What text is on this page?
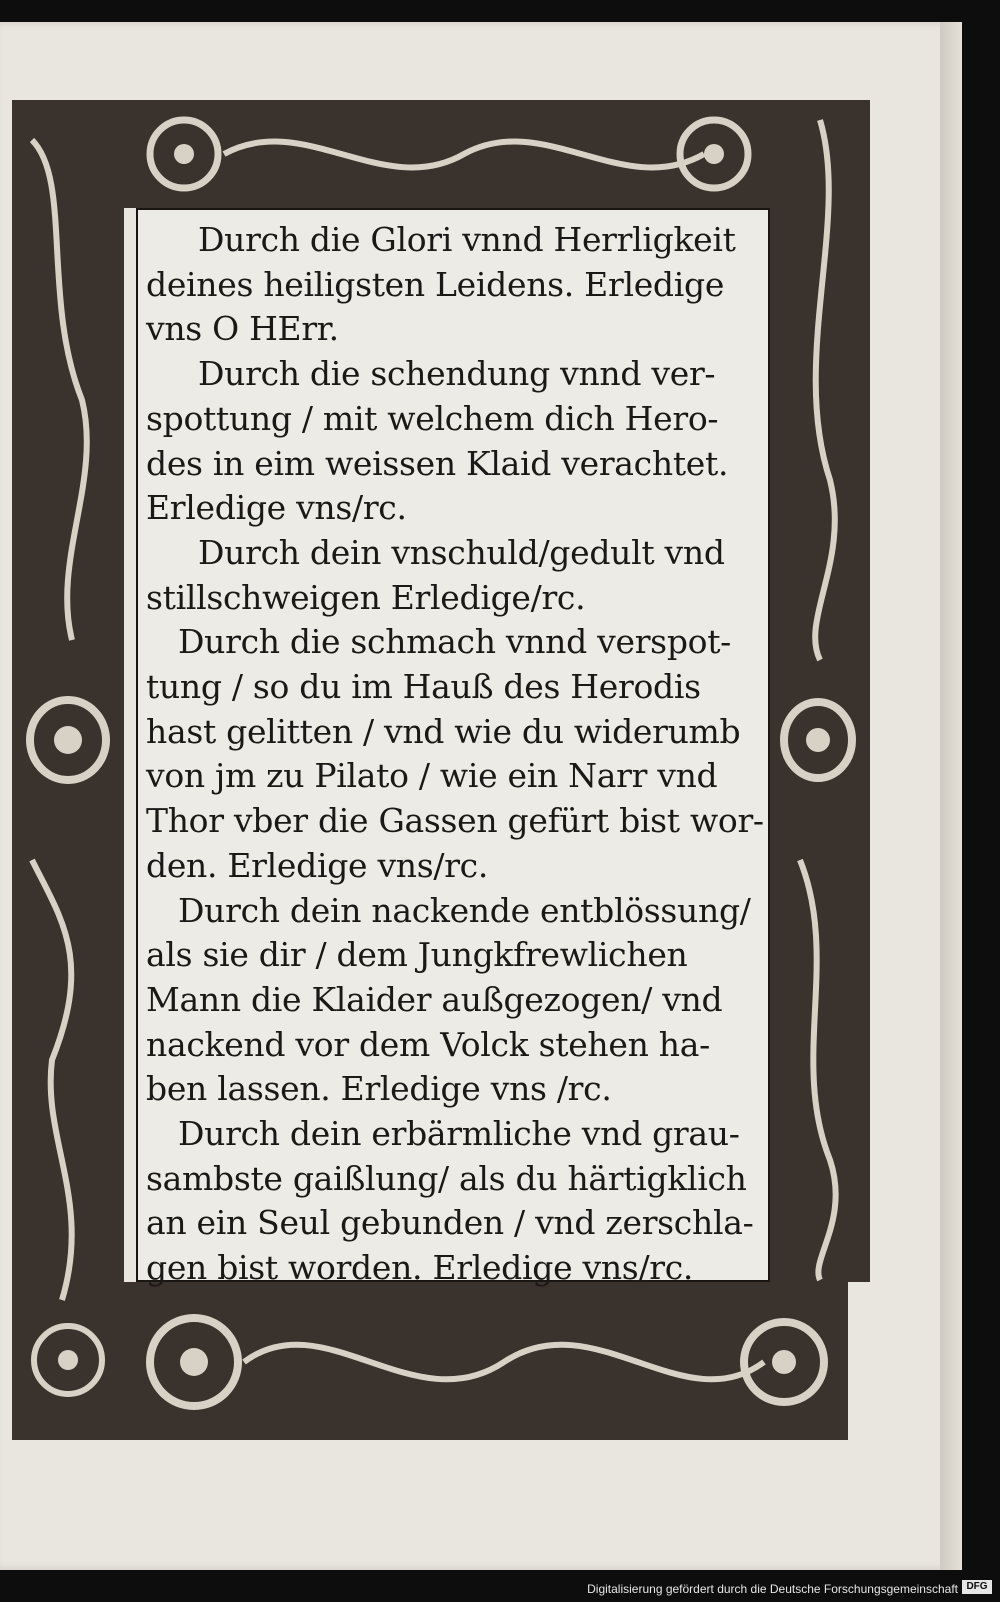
Durch die Glori vnnd Herrligkeit
deines heiligsten Leidens. Erledige
vns O HErr.
Durch die schendung vnnd ver-
spottung / mit welchem dich Hero-
des in eim weissen Klaid verachtet.
Erledige vns/rc.
Durch dein vnschuld/gedult vnd
stillschweigen Erledige/rc.
Durch die schmach vnnd verspot-
tung / so du im Hauß des Herodis
hast gelitten / vnd wie du widerumb
von jm zu Pilato / wie ein Narr vnd
Thor vber die Gassen gefürt bist wor-
den. Erledige vns/rc.
Durch dein nackende entblössung/
als sie dir / dem Jungkfrewlichen
Mann die Klaider außgezogen/ vnd
nackend vor dem Volck stehen ha-
ben lassen. Erledige vns /rc.
Durch dein erbärmliche vnd grau-
sambste gaißlung/ als du härtigklich
an ein Seul gebunden / vnd zerschla-
gen bist worden. Erledige vns/rc.
Digitalisierung gefördert durch die Deutsche Forschungsgemeinschaft DFG
